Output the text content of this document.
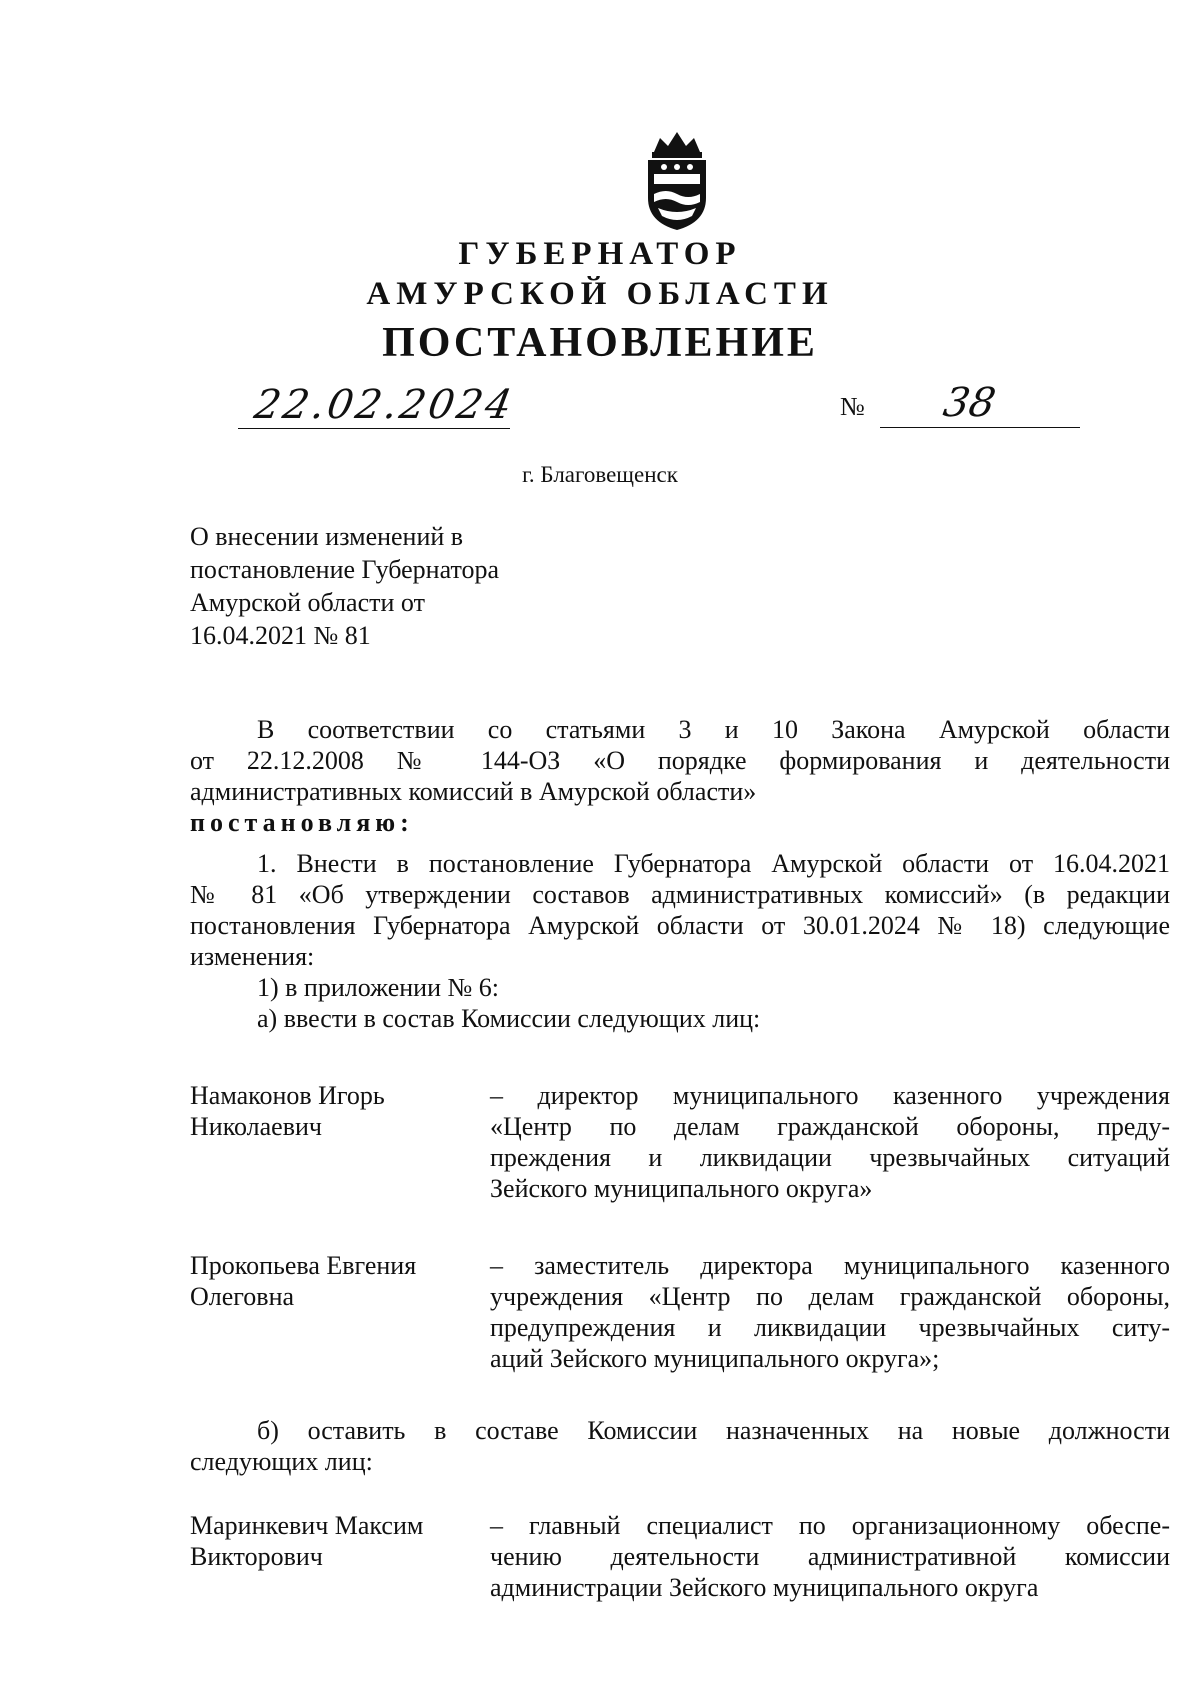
ГУБЕРНАТОР
АМУРСКОЙ ОБЛАСТИ
ПОСТАНОВЛЕНИЕ
22.02.2024	№ 38
г. Благовещенск
О внесении изменений в
постановление Губернатора
Амурской области от
16.04.2021 № 81
В соответствии со статьями 3 и 10 Закона Амурской области
от 22.12.2008 № 144-ОЗ «О порядке формирования и деятельности
административных комиссий в Амурской области»
постановляю:
1. Внести в постановление Губернатора Амурской области от 16.04.2021
№ 81 «Об утверждении составов административных комиссий» (в редакции
постановления Губернатора Амурской области от 30.01.2024 № 18) следующие
изменения:
1) в приложении № 6:
а) ввести в состав Комиссии следующих лиц:
Намаконов Игорь
Николаевич
– директор муниципального казенного учреждения
«Центр по делам гражданской обороны, преду-
преждения и ликвидации чрезвычайных ситуаций
Зейского муниципального округа»
Прокопьева Евгения
Олеговна
– заместитель директора муниципального казенного
учреждения «Центр по делам гражданской обороны,
предупреждения и ликвидации чрезвычайных ситу-
аций Зейского муниципального округа»;
б) оставить в составе Комиссии назначенных на новые должности
следующих лиц:
Маринкевич Максим
Викторович
– главный специалист по организационному обеспе-
чению деятельности административной комиссии
администрации Зейского муниципального округа
